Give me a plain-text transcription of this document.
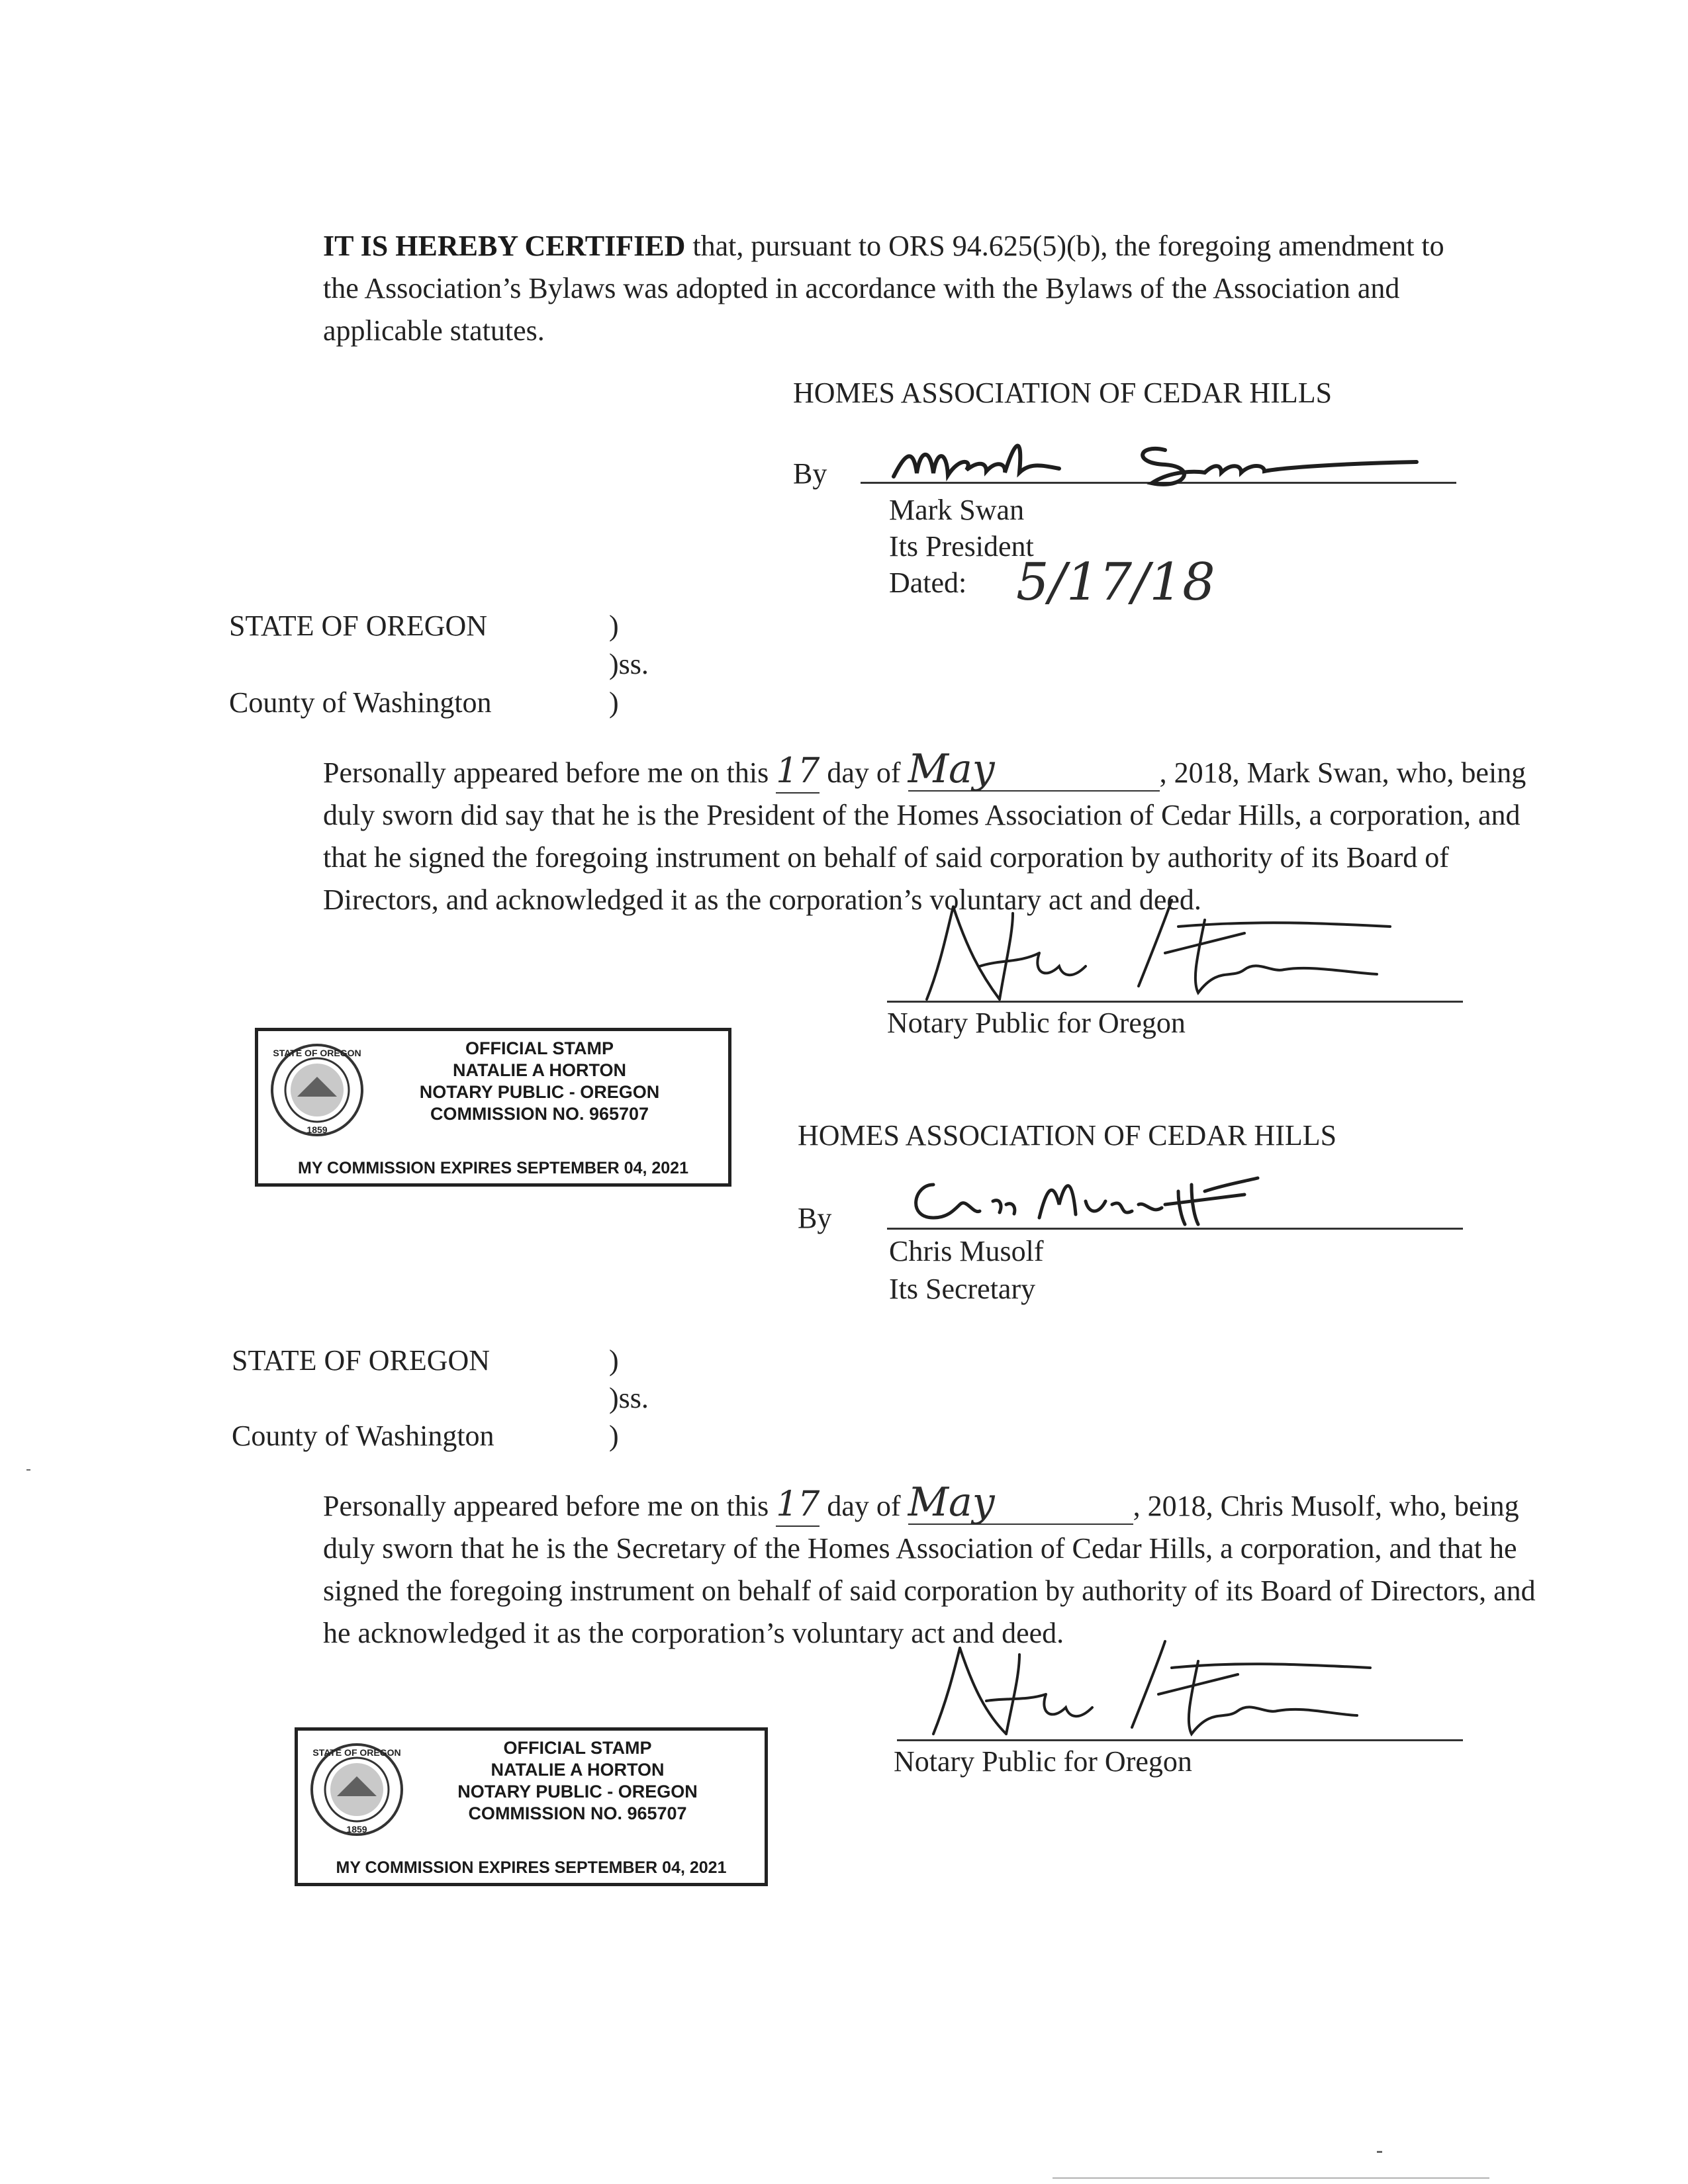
IT IS HEREBY CERTIFIED that, pursuant to ORS 94.625(5)(b), the foregoing amendment to the Association’s Bylaws was adopted in accordance with the Bylaws of the Association and applicable statutes.

HOMES ASSOCIATION OF CEDAR HILLS
By
Mark Swan
Its President
Dated: 5/17/18
STATE OF OREGON	)
)ss.
County of Washington	)

Personally appeared before me on this 17 day of May	, 2018, Mark Swan, who, being duly sworn did say that he is the President of the Homes Association of Cedar Hills, a corporation, and that he signed the foregoing instrument on behalf of said corporation by authority of its Board of Directors, and acknowledged it as the corporation’s voluntary act and deed.

Notary Public for Oregon
STATE OF OREGON
1859
OFFICIAL STAMP
NATALIE A HORTON
NOTARY PUBLIC - OREGON
COMMISSION NO. 965707
MY COMMISSION EXPIRES SEPTEMBER 04, 2021
HOMES ASSOCIATION OF CEDAR HILLS
By
Chris Musolf
Its Secretary
STATE OF OREGON	)
)ss.
County of Washington	)

Personally appeared before me on this 17 day of May	, 2018, Chris Musolf, who, being duly sworn that he is the Secretary of the Homes Association of Cedar Hills, a corporation, and that he signed the foregoing instrument on behalf of said corporation by authority of its Board of Directors, and he acknowledged it as the corporation’s voluntary act and deed.

Notary Public for Oregon
STATE OF OREGON
1859
OFFICIAL STAMP
NATALIE A HORTON
NOTARY PUBLIC - OREGON
COMMISSION NO. 965707
MY COMMISSION EXPIRES SEPTEMBER 04, 2021
